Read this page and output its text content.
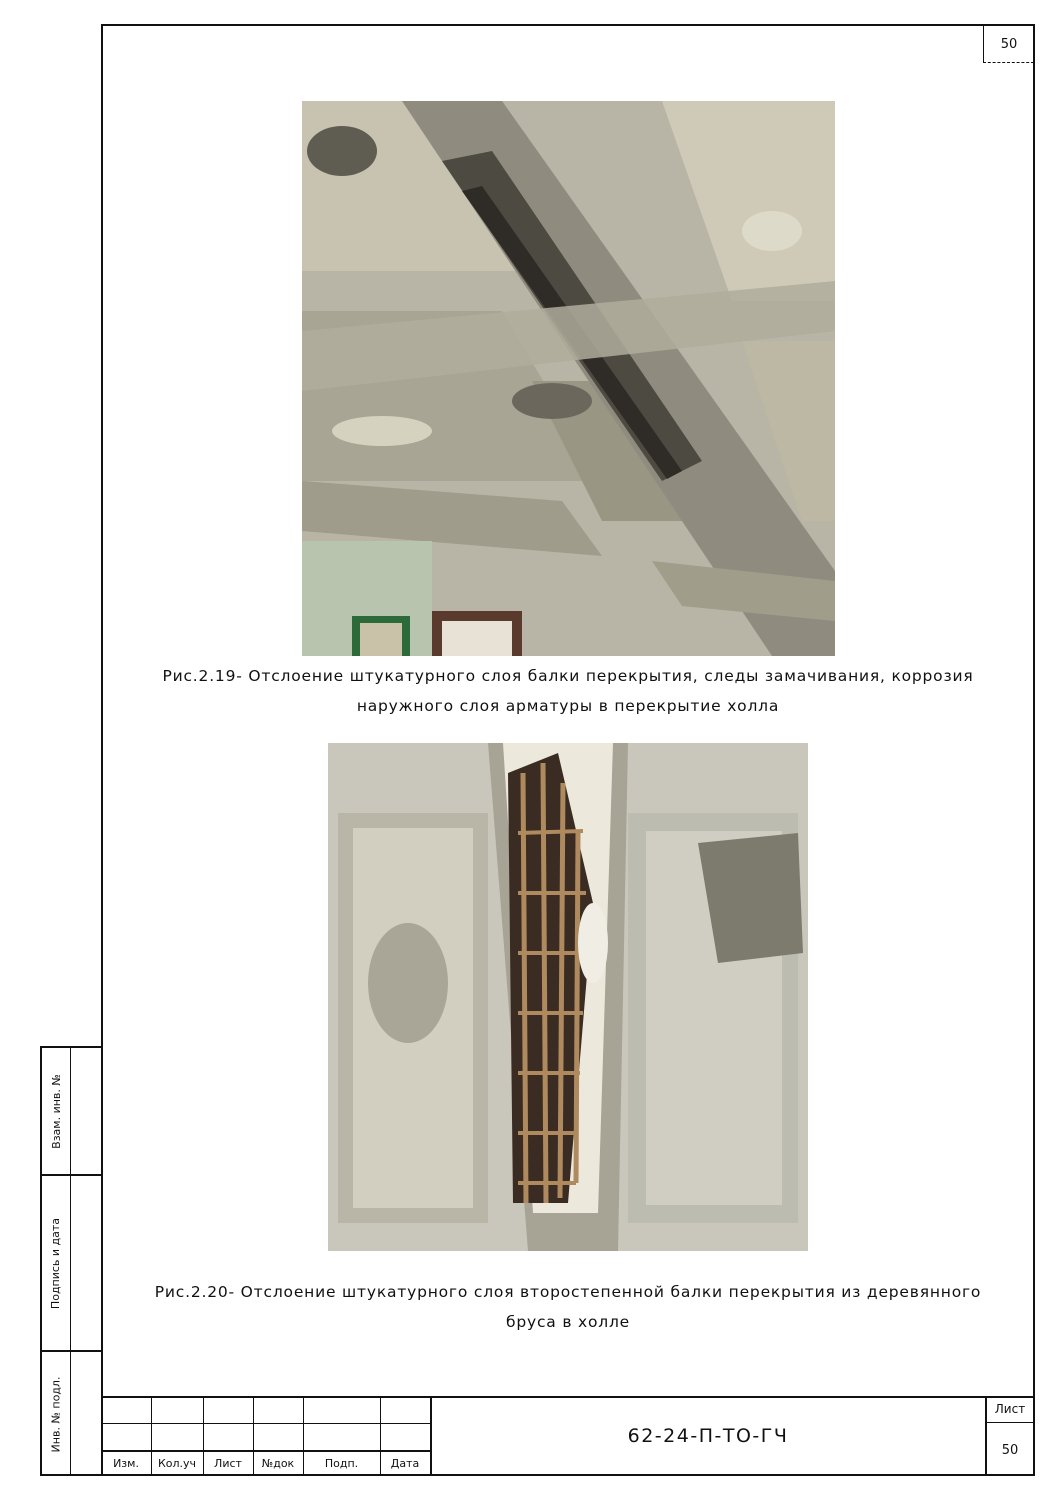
50
Рис.2.19- Отслоение штукатурного слоя балки перекрытия, следы замачивания, коррозия
наружного слоя арматуры в перекрытие холла
Рис.2.20- Отслоение штукатурного слоя второстепенной балки перекрытия из деревянного
бруса в холле
Взам. инв. №
Подпись и дата
Инв. № подл.
Изм.	Кол.уч	Лист	№док	Подп.	Дата
62-24-П-ТО-ГЧ
Лист
50
